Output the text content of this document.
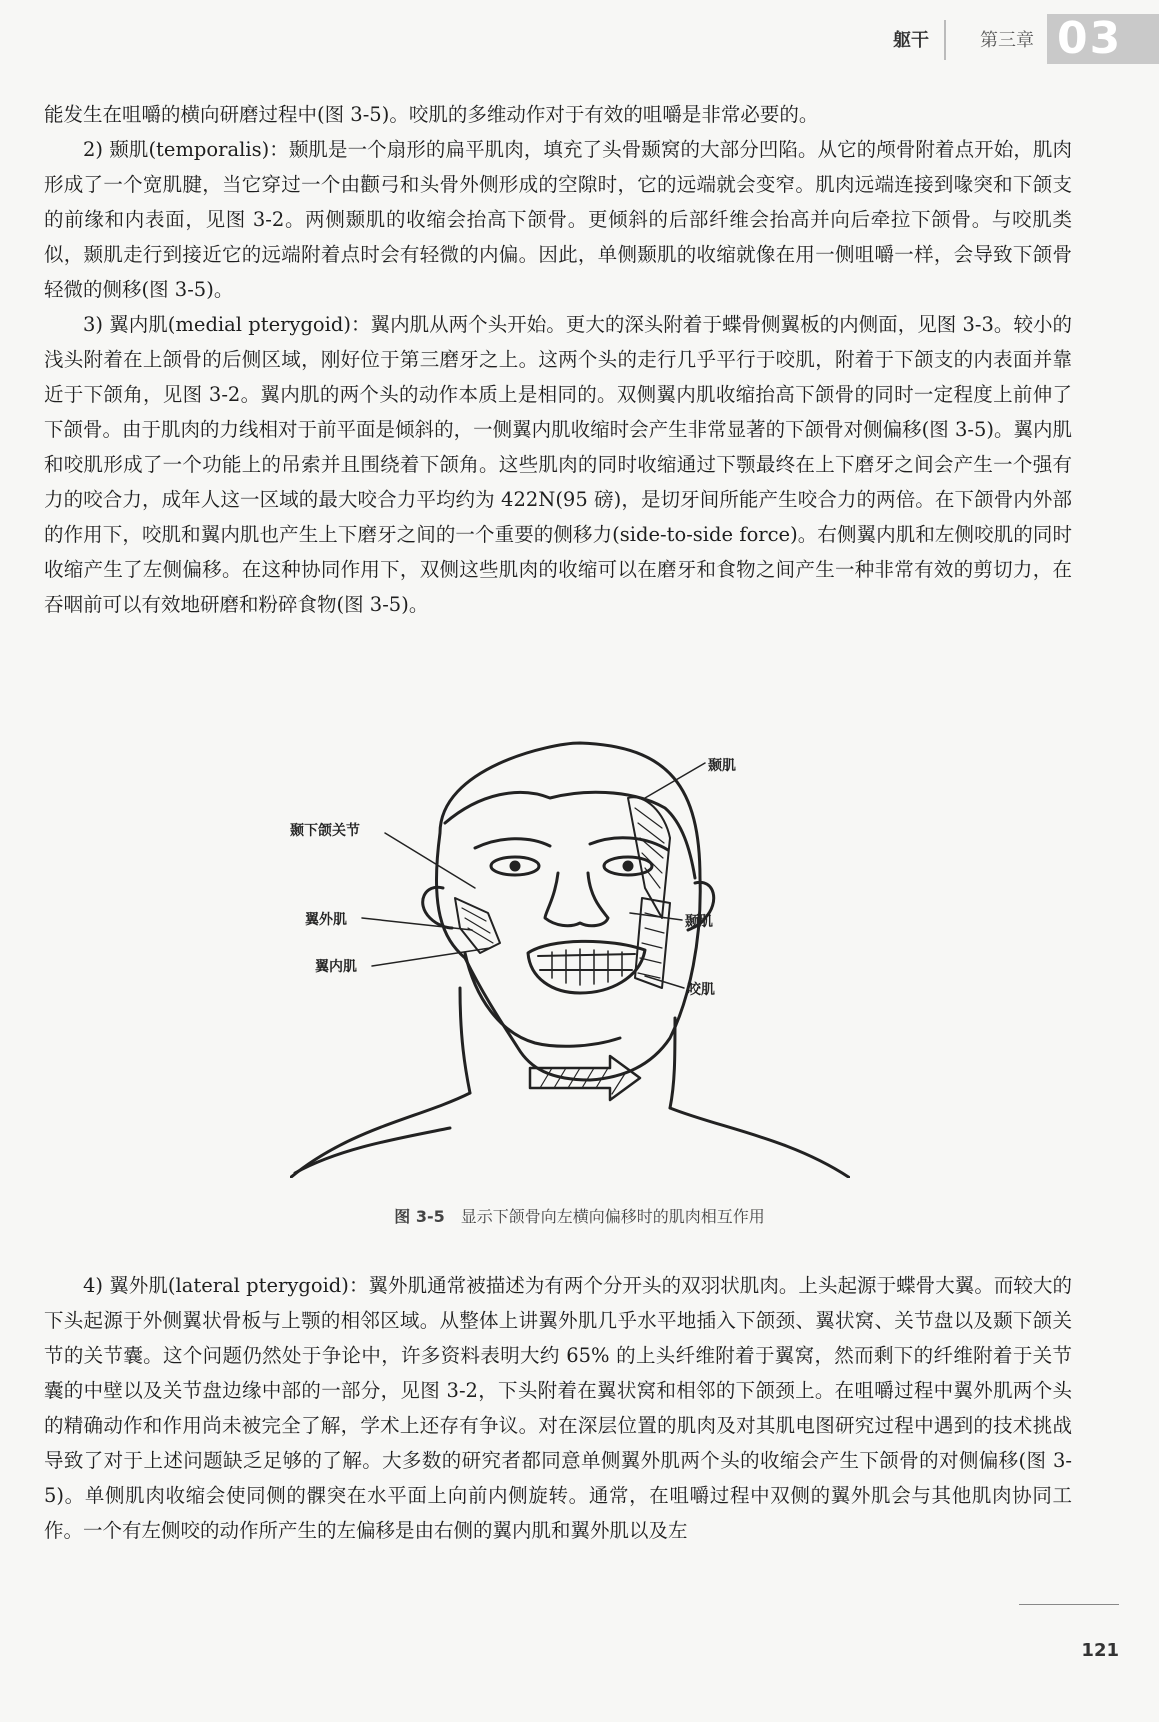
躯干	第三章 03

能发生在咀嚼的横向研磨过程中(图 3-5)。咬肌的多维动作对于有效的咀嚼是非常必要的。

2) 颞肌(temporalis)：颞肌是一个扇形的扁平肌肉，填充了头骨颞窝的大部分凹陷。从它的颅骨附着点开始，肌肉形成了一个宽肌腱，当它穿过一个由颧弓和头骨外侧形成的空隙时，它的远端就会变窄。肌肉远端连接到喙突和下颌支的前缘和内表面，见图 3-2。两侧颞肌的收缩会抬高下颌骨。更倾斜的后部纤维会抬高并向后牵拉下颌骨。与咬肌类似，颞肌走行到接近它的远端附着点时会有轻微的内偏。因此，单侧颞肌的收缩就像在用一侧咀嚼一样，会导致下颌骨轻微的侧移(图 3-5)。

3) 翼内肌(medial pterygoid)：翼内肌从两个头开始。更大的深头附着于蝶骨侧翼板的内侧面，见图 3-3。较小的浅头附着在上颌骨的后侧区域，刚好位于第三磨牙之上。这两个头的走行几乎平行于咬肌，附着于下颌支的内表面并靠近于下颌角，见图 3-2。翼内肌的两个头的动作本质上是相同的。双侧翼内肌收缩抬高下颌骨的同时一定程度上前伸了下颌骨。由于肌肉的力线相对于前平面是倾斜的，一侧翼内肌收缩时会产生非常显著的下颌骨对侧偏移(图 3-5)。翼内肌和咬肌形成了一个功能上的吊索并且围绕着下颌角。这些肌肉的同时收缩通过下颚最终在上下磨牙之间会产生一个强有力的咬合力，成年人这一区域的最大咬合力平均约为 422N(95 磅)，是切牙间所能产生咬合力的两倍。在下颌骨内外部的作用下，咬肌和翼内肌也产生上下磨牙之间的一个重要的侧移力(side-to-side force)。右侧翼内肌和左侧咬肌的同时收缩产生了左侧偏移。在这种协同作用下，双侧这些肌肉的收缩可以在磨牙和食物之间产生一种非常有效的剪切力，在吞咽前可以有效地研磨和粉碎食物(图 3-5)。

颞肌
颞下颌关节
翼外肌	颞肌
翼内肌
咬肌
图 3-5 显示下颌骨向左横向偏移时的肌肉相互作用

4) 翼外肌(lateral pterygoid)：翼外肌通常被描述为有两个分开头的双羽状肌肉。上头起源于蝶骨大翼。而较大的下头起源于外侧翼状骨板与上颚的相邻区域。从整体上讲翼外肌几乎水平地插入下颌颈、翼状窝、关节盘以及颞下颌关节的关节囊。这个问题仍然处于争论中，许多资料表明大约 65% 的上头纤维附着于翼窝，然而剩下的纤维附着于关节囊的中壁以及关节盘边缘中部的一部分，见图 3-2，下头附着在翼状窝和相邻的下颌颈上。在咀嚼过程中翼外肌两个头的精确动作和作用尚未被完全了解，学术上还存有争议。对在深层位置的肌肉及对其肌电图研究过程中遇到的技术挑战导致了对于上述问题缺乏足够的了解。大多数的研究者都同意单侧翼外肌两个头的收缩会产生下颌骨的对侧偏移(图 3-5)。单侧肌肉收缩会使同侧的髁突在水平面上向前内侧旋转。通常，在咀嚼过程中双侧的翼外肌会与其他肌肉协同工作。一个有左侧咬的动作所产生的左偏移是由右侧的翼内肌和翼外肌以及左

121
